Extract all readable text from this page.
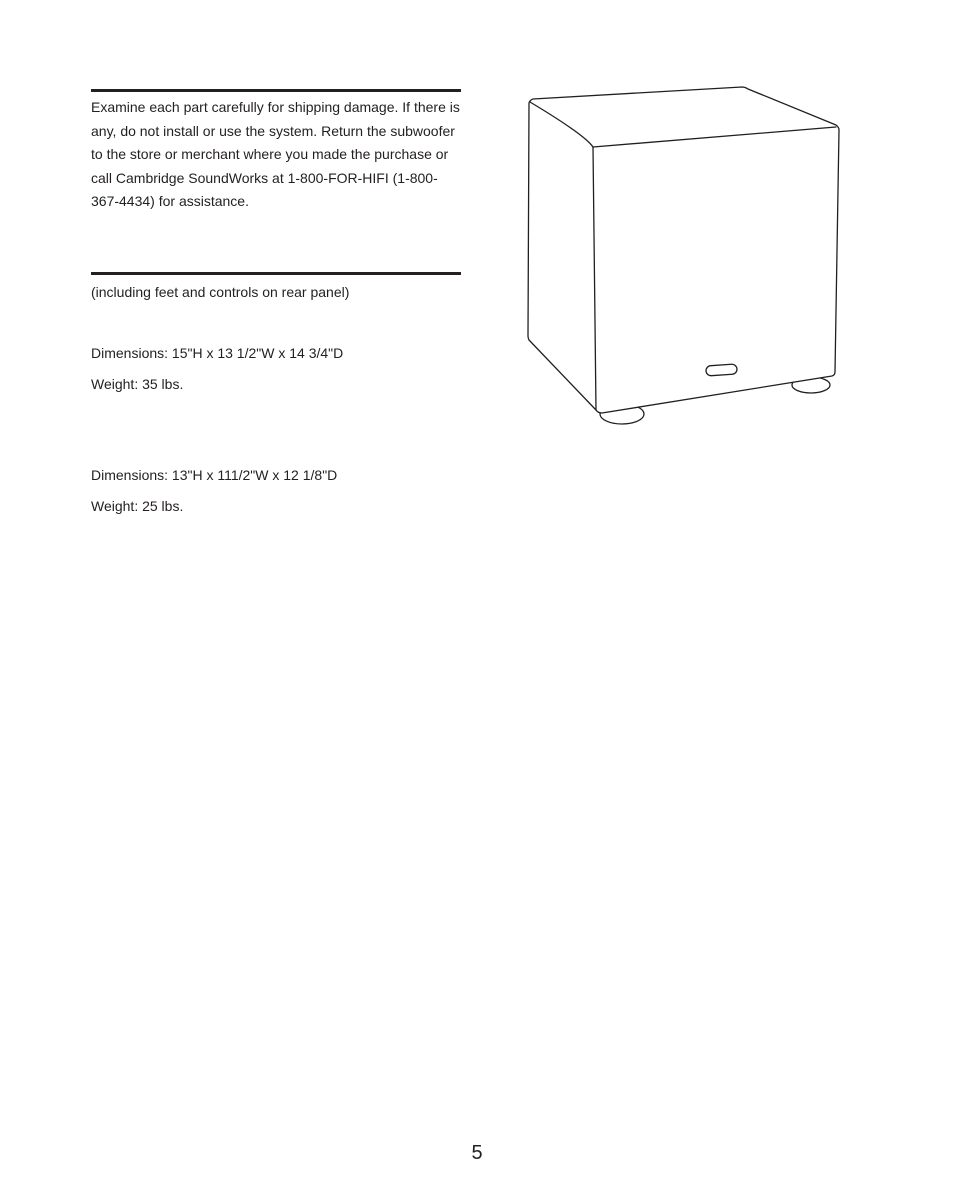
Examine each part carefully for shipping damage. If there is any, do not install or use the system. Return the subwoofer to the store or merchant where you made the purchase or call Cambridge SoundWorks at 1-800-FOR-HIFI (1-800-367-4434) for assistance.

(including feet and controls on rear panel)

Dimensions: 15"H x 13 1/2"W x 14 3/4"D

Weight: 35 lbs.

Dimensions: 13"H x 111/2"W x 12 1/8"D

Weight: 25 lbs.

5
